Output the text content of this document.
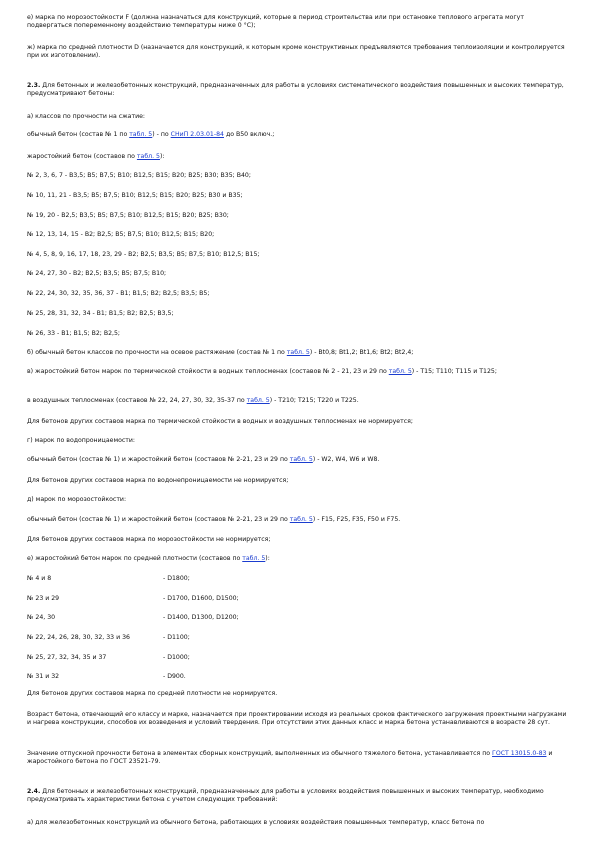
е) марка по морозостойкости F (должна назначаться для конструкций, которые в период строительства или при остановке теплового агрегата могут подвергаться попеременному воздействию температуры ниже 0 °С);

ж) марка по средней плотности D (назначается для конструкций, к которым кроме конструктивных предъявляются требования теплоизоляции и контролируется при их изготовлении).

2.3. Для бетонных и железобетонных конструкций, предназначенных для работы в условиях систематического воздействия повышенных и высоких температур, предусматривают бетоны:

а) классов по прочности на сжатие:

обычный бетон (состав № 1 по табл. 5) - по СНиП 2.03.01-84 до В50 включ.;

жаростойкий бетон (составов по табл. 5):

№ 2, 3, 6, 7 - В3,5; В5; В7,5; В10; В12,5; В15; В20; В25; В30; В35; В40;

№ 10, 11, 21 - В3,5; В5; В7,5; В10; В12,5; В15; В20; В25; В30 и В35;

№ 19, 20 - В2,5; В3,5; В5; В7,5; В10; В12,5; В15; В20; В25; В30;

№ 12, 13, 14, 15 - В2; В2,5; В5; В7,5; В10; В12,5; В15; В20;

№ 4, 5, 8, 9, 16, 17, 18, 23, 29 - В2; В2,5; В3,5; В5; В7,5; В10; В12,5; В15;

№ 24, 27, 30 - В2; В2,5; В3,5; В5; В7,5; В10;

№ 22, 24, 30, 32, 35, 36, 37 - В1; В1,5; В2; В2,5; В3,5; В5;

№ 25, 28, 31, 32, 34 - В1; В1,5; В2; В2,5; В3,5;

№ 26, 33 - В1; В1,5; В2; В2,5;

б) обычный бетон классов по прочности на осевое растяжение (состав № 1 по табл. 5) - Bt0,8; Bt1,2; Bt1,6; Bt2; Bt2,4;

в) жаростойкий бетон марок по термической стойкости в водных теплосменах (составов № 2 - 21, 23 и 29 по табл. 5) - Т15; Т110; Т115 и Т125;

в воздушных теплосменах (составов № 22, 24, 27, 30, 32, 35-37 по табл. 5) - Т210; Т215; Т220 и Т225.

Для бетонов других составов марка по термической стойкости в водных и воздушных теплосменах не нормируется;

г) марок по водопроницаемости:

обычный бетон (состав № 1) и жаростойкий бетон (составов № 2-21, 23 и 29 по табл. 5) - W2, W4, W6 и W8.

Для бетонов других составов марка по водонепроницаемости не нормируется;

д) марок по морозостойкости:

обычный бетон (состав № 1) и жаростойкий бетон (составов № 2-21, 23 и 29 по табл. 5) - F15, F25, F35, F50 и F75.

Для бетонов других составов марка по морозостойкости не нормируется;

е) жаростойкий бетон марок по средней плотности (составов по табл. 5):

№ 4 и 8	- D1800;

№ 23 и 29	- D1700, D1600, D1500;

№ 24, 30	- D1400, D1300, D1200;

№ 22, 24, 26, 28, 30, 32, 33 и 36	- D1100;

№ 25, 27, 32, 34, 35 и 37	- D1000;

№ 31 и 32	- D900.

Для бетонов других составов марка по средней плотности не нормируется.

Возраст бетона, отвечающий его классу и марке, назначается при проектировании исходя из реальных сроков фактического загружения проектными нагрузками и нагрева конструкции, способов их возведения и условий твердения. При отсутствии этих данных класс и марка бетона устанавливаются в возрасте 28 сут.

Значение отпускной прочности бетона в элементах сборных конструкций, выполненных из обычного тяжелого бетона, устанавливается по ГОСТ 13015.0-83 и жаростойкого бетона по ГОСТ 23521-79.

2.4. Для бетонных и железобетонных конструкций, предназначенных для работы в условиях воздействия повышенных и высоких температур, необходимо предусматривать характеристики бетона с учетом следующих требований:

а) для железобетонных конструкций из обычного бетона, работающих в условиях воздействия повышенных температур, класс бетона по
